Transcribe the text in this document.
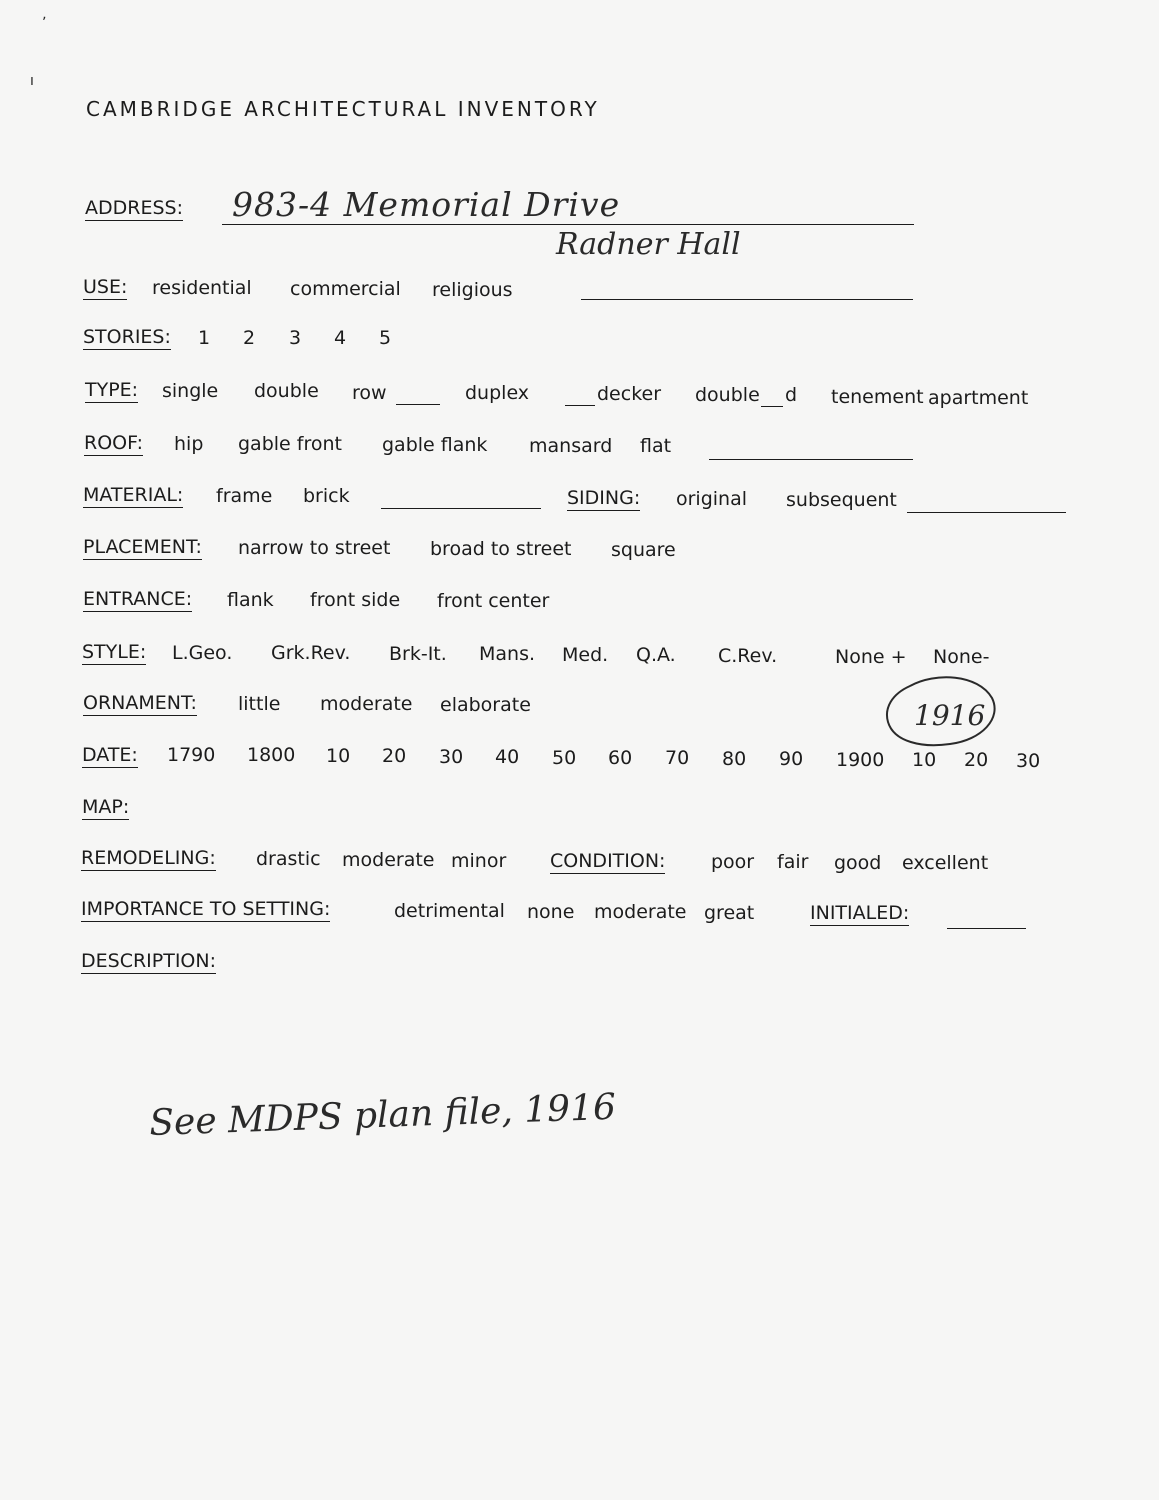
ʼ
ı
CAMBRIDGE ARCHITECTURAL INVENTORY
ADDRESS: 983-4 Memorial Drive
Radner Hall
USE: residential commercial religious
STORIES: 1 2 3 4 5
TYPE: single double row	duplex	decker double d tenement apartment
ROOF: hip gable front gable flank mansard flat
MATERIAL: frame brick	SIDING: original subsequent
PLACEMENT: narrow to street broad to street square
ENTRANCE: flank front side front center
STYLE: L.Geo. Grk.Rev. Brk-It. Mans. Med. Q.A. C.Rev.	None + None-
ORNAMENT: little moderate elaborate
DATE: 1790 1800 10 20 30 40 50 60 70 80 90 1900 10 20 30
1916
MAP:
REMODELING: drastic moderate minor CONDITION: poor fair good excellent
IMPORTANCE TO SETTING:	detrimental none moderate great	INITIALED:
DESCRIPTION:
See MDPS plan file, 1916
